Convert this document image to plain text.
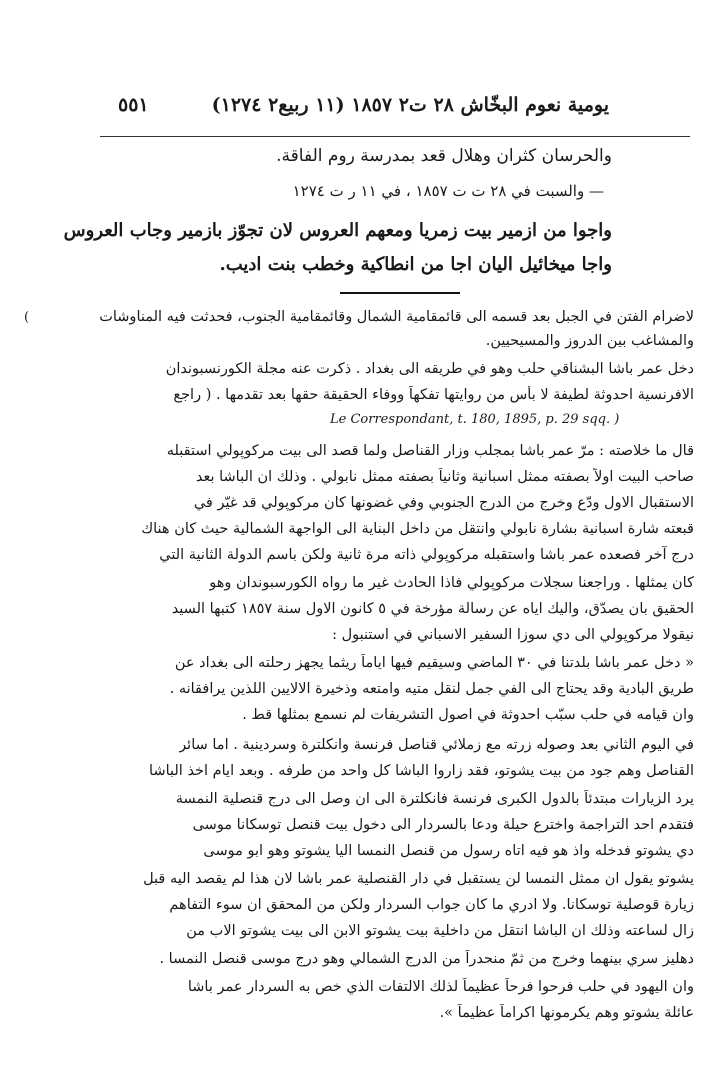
يومية نعوم البخّاش ٢٨ ت٢ ١٨٥٧ (١١ ربيع٢ ١٢٧٤)
٥٥١
والحرسان كثران وهلال قعد بمدرسة روم الفاقة.
— والسبت في ٢٨ ت ت ١٨٥٧ ، في ١١ ر ت ١٢٧٤
واجوا من ازمير بيت زمريا ومعهم العروس لان تجوّز بازمير وجاب العروس
واجا ميخائيل اليان اجا من انطاكية وخطب بنت اديب.
لاضرام الفتن في الجبل بعد قسمه الى قائمقامية الشمال وقائمقامية الجنوب، فحدثت فيه المناوشات
والمشاغب بين الدروز والمسيحيين.
دخل عمر باشا البشناقي حلب وهو في طريقه الى بغداد . ذكرت عنه مجلة الكورنسبوندان
الافرنسية احدوثة لطيفة لا بأس من روايتها تفكهاً ووفاء الحقيقة حقها بعد تقدمها . ( راجع
Le Correspondant, t. 180, 1895, p. 29 sqq. )
قال ما خلاصته : مرّ عمر باشا بمجلب وزار القناصل ولما قصد الى بيت مركوپولي استقبله
صاحب البيت اولاً بصفته ممثل اسبانية وثانياً بصفته ممثل نابولي . وذلك ان الباشا بعد
الاستقبال الاول ودّع وخرج من الدرج الجنوبي وفي غضونها كان مركوپولي قد غيّر في
قبعته شارة اسبانية بشارة نابولي وانتقل من داخل البناية الى الواجهة الشمالية حيث كان هناك
درج آخر فصعده عمر باشا واستقبله مركوپولي ذاته مرة ثانية ولكن باسم الدولة الثانية التي
كان يمثلها . وراجعنا سجلات مركوپولي فاذا الحادث غير ما رواه الكورسبوندان وهو
الحقيق بان يصدّق، واليك اياه عن رسالة مؤرخة في ٥ كانون الاول سنة ١٨٥٧ كتبها السيد
نيقولا مركوپولي الى دي سوزا السفير الاسباني في استنبول :
« دخل عمر باشا بلدتنا في ٣٠ الماضي وسيقيم فيها اياماً ريثما يجهز رحلته الى بغداد عن
طريق البادية وقد يحتاج الى الفي جمل لنقل متيه وامتعه وذخيرة الالايين اللذين يرافقانه .
وان قيامه في حلب سبّب احدوثة في اصول التشريفات لم نسمع بمثلها قط .
في اليوم الثاني بعد وصوله زرته مع زملائي قناصل فرنسة وانكلترة وسردينية . اما سائر
القناصل وهم جود من بيت يشوتو، فقد زاروا الباشا كل واحد من طرفه . وبعد ايام اخذ الباشا
يرد الزيارات مبتدئاً بالدول الكبرى فرنسة فانكلترة الى ان وصل الى درج قنصلية النمسة
فتقدم احد التراجمة واخترع حيلة ودعا بالسردار الى دخول بيت قنصل توسكانا موسى
دي يشوتو فدخله واذ هو فيه اتاه رسول من قنصل النمسا اليا يشوتو وهو ابو موسى
يشوتو يقول ان ممثل النمسا لن يستقبل في دار القنصلية عمر باشا لان هذا لم يقصد اليه قبل
زيارة قوصلية توسكانا. ولا ادري ما كان جواب السردار ولكن من المحقق ان سوء التفاهم
زال لساعته وذلك ان الباشا انتقل من داخلية بيت يشوتو الابن الى بيت يشوتو الاب من
دهليز سري بينهما وخرج من ثمّ منحدراً من الدرج الشمالي وهو درج موسى قنصل النمسا .
وان اليهود في حلب فرحوا فرحاً عظيماً لذلك الالتفات الذي خص به السردار عمر باشا
عائلة يشوتو وهم يكرمونها اكراماً عظيماً ».
(
